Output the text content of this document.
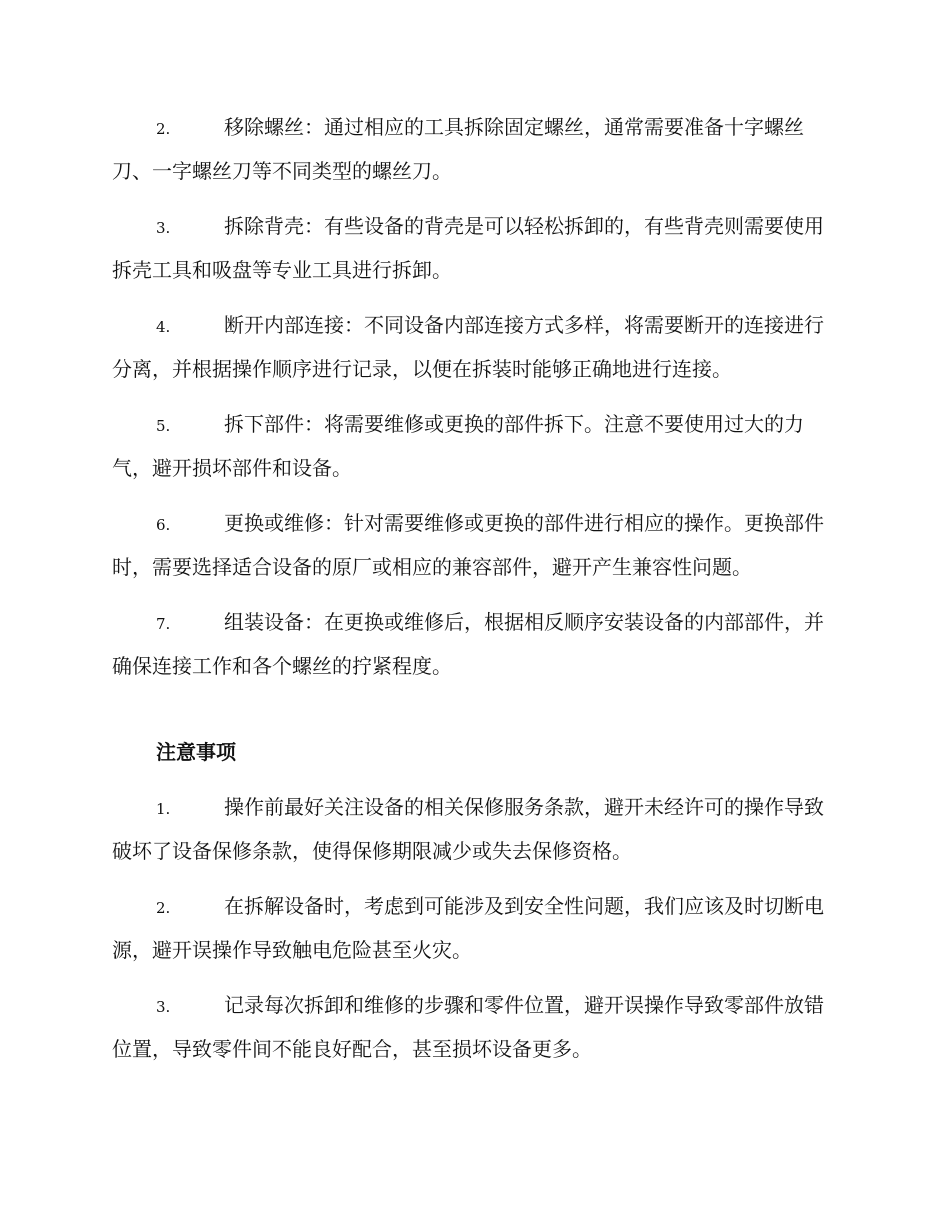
2.	移除螺丝：通过相应的工具拆除固定螺丝，通常需要准备十字螺丝刀、一字螺丝刀等不同类型的螺丝刀。

3.	拆除背壳：有些设备的背壳是可以轻松拆卸的，有些背壳则需要使用拆壳工具和吸盘等专业工具进行拆卸。

4.	断开内部连接：不同设备内部连接方式多样，将需要断开的连接进行分离，并根据操作顺序进行记录，以便在拆装时能够正确地进行连接。

5.	拆下部件：将需要维修或更换的部件拆下。注意不要使用过大的力气，避开损坏部件和设备。

6.	更换或维修：针对需要维修或更换的部件进行相应的操作。更换部件时，需要选择适合设备的原厂或相应的兼容部件，避开产生兼容性问题。

7.	组装设备：在更换或维修后，根据相反顺序安装设备的内部部件，并确保连接工作和各个螺丝的拧紧程度。

注意事项

1.	操作前最好关注设备的相关保修服务条款，避开未经许可的操作导致破坏了设备保修条款，使得保修期限减少或失去保修资格。

2.	在拆解设备时，考虑到可能涉及到安全性问题，我们应该及时切断电源，避开误操作导致触电危险甚至火灾。

3.	记录每次拆卸和维修的步骤和零件位置，避开误操作导致零部件放错位置，导致零件间不能良好配合，甚至损坏设备更多。
